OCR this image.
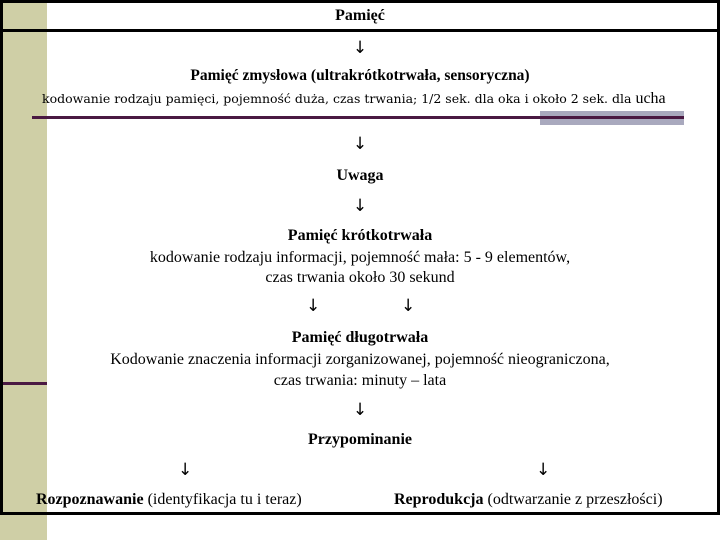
Pamięć
↓
Pamięć zmysłowa (ultrakrótkotrwała, sensoryczna)
kodowanie rodzaju pamięci, pojemność duża, czas trwania; 1/2 sek. dla oka i około 2 sek. dla ucha
↓
Uwaga
↓
Pamięć krótkotrwała
kodowanie rodzaju informacji, pojemność mała: 5 - 9 elementów,
czas trwania około 30 sekund
↓	↓
Pamięć długotrwała
Kodowanie znaczenia informacji zorganizowanej, pojemność nieograniczona,
czas trwania: minuty – lata
↓
Przypominanie
↓	↓
Rozpoznawanie (identyfikacja tu i teraz)	Reprodukcja (odtwarzanie z przeszłości)
